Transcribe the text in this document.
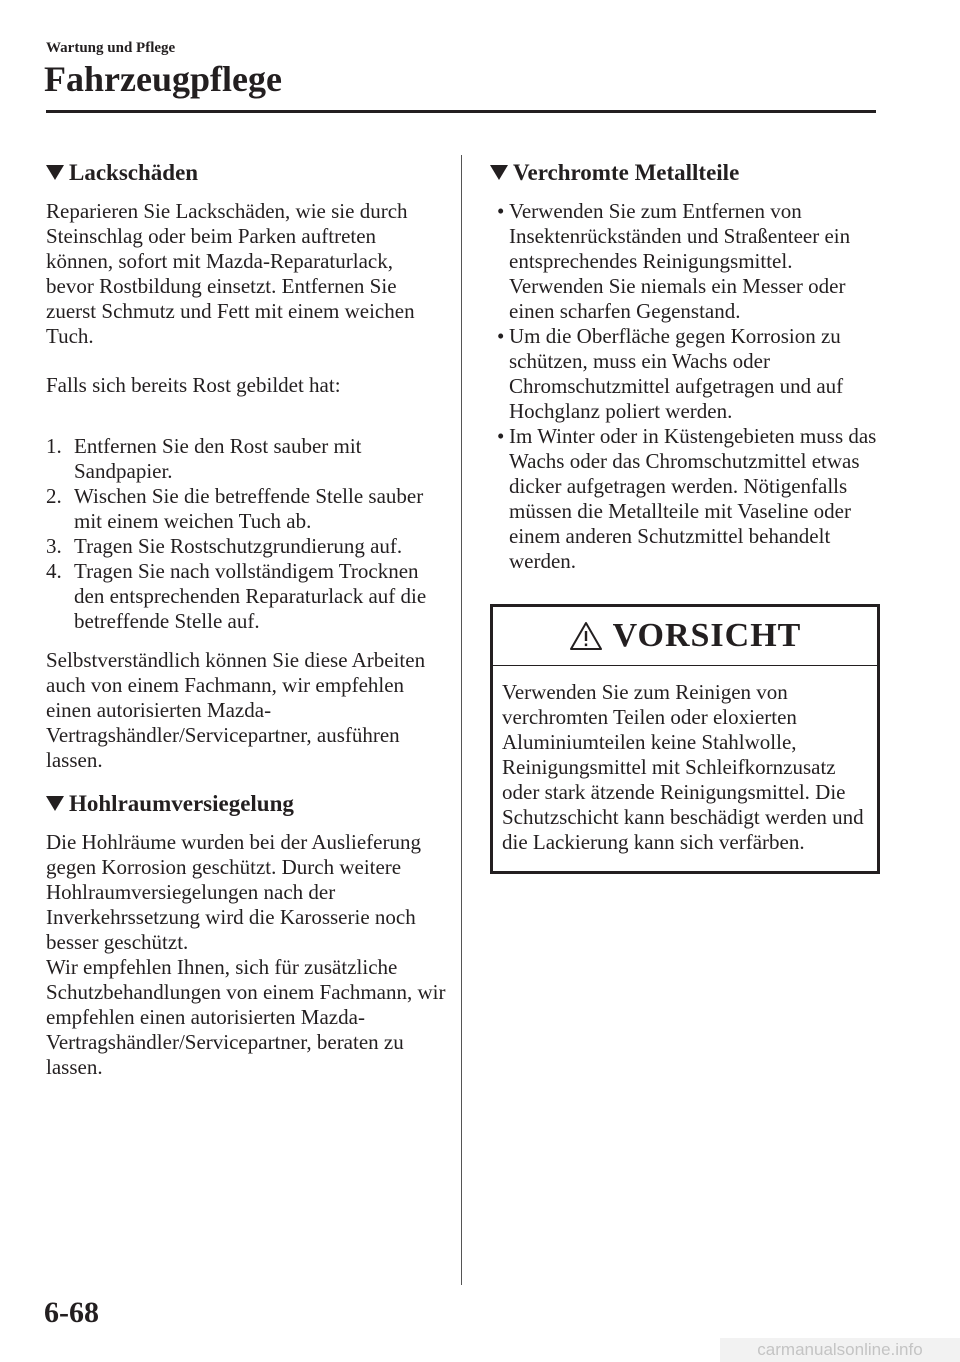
Wartung und Pflege
Fahrzeugpflege
Lackschäden

Reparieren Sie Lackschäden, wie sie durch Steinschlag oder beim Parken auftreten können, sofort mit Mazda-Reparaturlack, bevor Rostbildung einsetzt. Entfernen Sie zuerst Schmutz und Fett mit einem weichen Tuch.

Falls sich bereits Rost gebildet hat:

1. Entfernen Sie den Rost sauber mit Sandpapier.
2. Wischen Sie die betreffende Stelle sauber mit einem weichen Tuch ab.
3. Tragen Sie Rostschutzgrundierung auf.
4. Tragen Sie nach vollständigem Trocknen den entsprechenden Reparaturlack auf die betreffende Stelle auf.

Selbstverständlich können Sie diese Arbeiten auch von einem Fachmann, wir empfehlen einen autorisierten Mazda-Vertragshändler/Servicepartner, ausführen lassen.

Hohlraumversiegelung

Die Hohlräume wurden bei der Auslieferung gegen Korrosion geschützt. Durch weitere Hohlraumversiegelungen nach der Inverkehrssetzung wird die Karosserie noch besser geschützt.

Wir empfehlen Ihnen, sich für zusätzliche Schutzbehandlungen von einem Fachmann, wir empfehlen einen autorisierten Mazda-Vertragshändler/Servicepartner, beraten zu lassen.

Verchromte Metallteile
• Verwenden Sie zum Entfernen von Insektenrückständen und Straßenteer ein entsprechendes Reinigungsmittel. Verwenden Sie niemals ein Messer oder einen scharfen Gegenstand.
• Um die Oberfläche gegen Korrosion zu schützen, muss ein Wachs oder Chromschutzmittel aufgetragen und auf Hochglanz poliert werden.
• Im Winter oder in Küstengebieten muss das Wachs oder das Chromschutzmittel etwas dicker aufgetragen werden. Nötigenfalls müssen die Metallteile mit Vaseline oder einem anderen Schutzmittel behandelt werden.
VORSICHT
Verwenden Sie zum Reinigen von verchromten Teilen oder eloxierten Aluminiumteilen keine Stahlwolle, Reinigungsmittel mit Schleifkornzusatz oder stark ätzende Reinigungsmittel. Die Schutzschicht kann beschädigt werden und die Lackierung kann sich verfärben.
6-68
carmanualsonline.info
